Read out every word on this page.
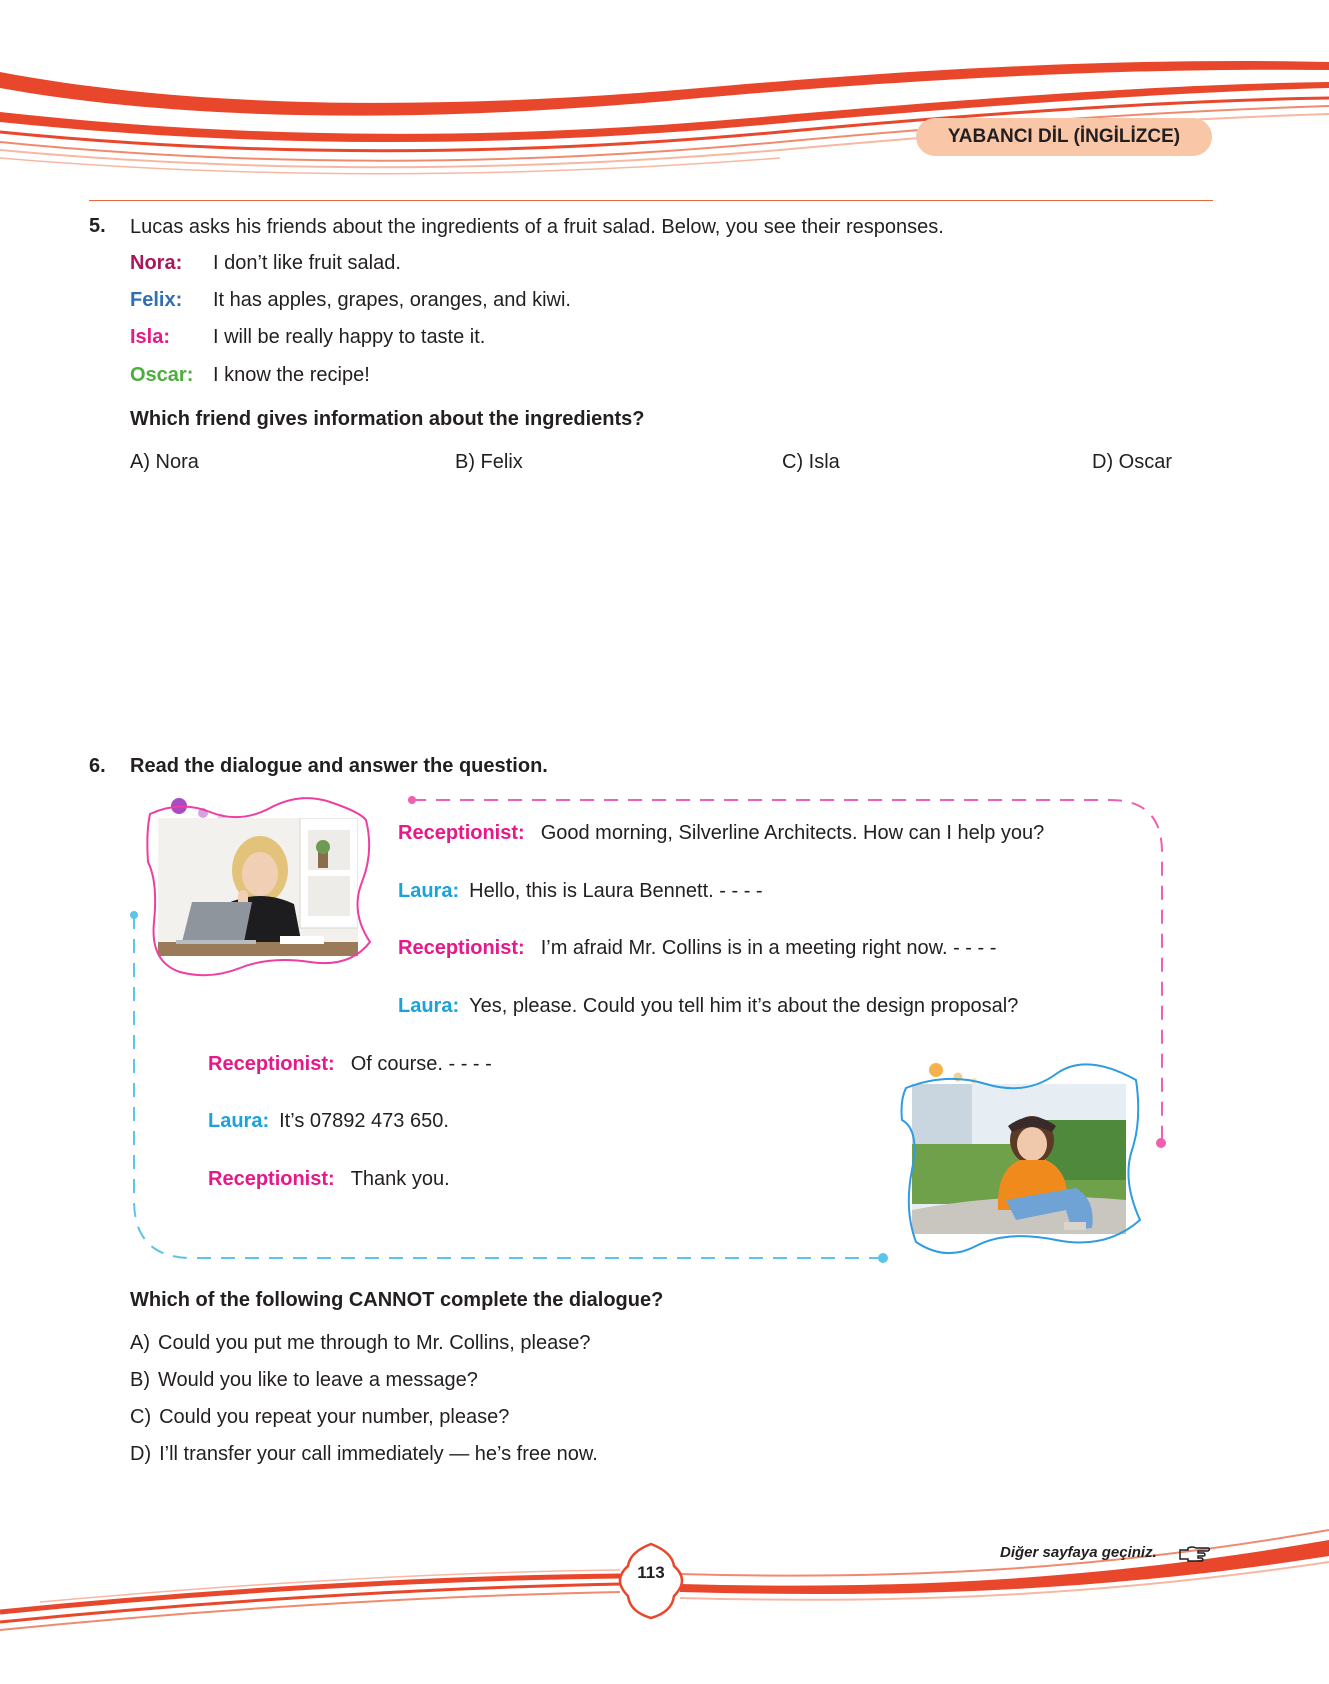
YABANCI DİL (İNGİLİZCE)
5. Lucas asks his friends about the ingredients of a fruit salad. Below, you see their responses.
Nora: I don’t like fruit salad.
Felix: It has apples, grapes, oranges, and kiwi.
Isla: I will be really happy to taste it.
Oscar: I know the recipe!
Which friend gives information about the ingredients?
A) Nora	B) Felix	C) Isla	D) Oscar
6. Read the dialogue and answer the question.
Receptionist: Good morning, Silverline Architects. How can I help you?
Laura: Hello, this is Laura Bennett. - - - -
Receptionist: I’m afraid Mr. Collins is in a meeting right now. - - - -
Laura: Yes, please. Could you tell him it’s about the design proposal?
Receptionist: Of course. - - - -
Laura: It’s 07892 473 650.
Receptionist: Thank you.
Which of the following CANNOT complete the dialogue?
A) Could you put me through to Mr. Collins, please?
B) Would you like to leave a message?
C) Could you repeat your number, please?
D) I’ll transfer your call immediately — he’s free now.
113
Diğer sayfaya geçiniz.
